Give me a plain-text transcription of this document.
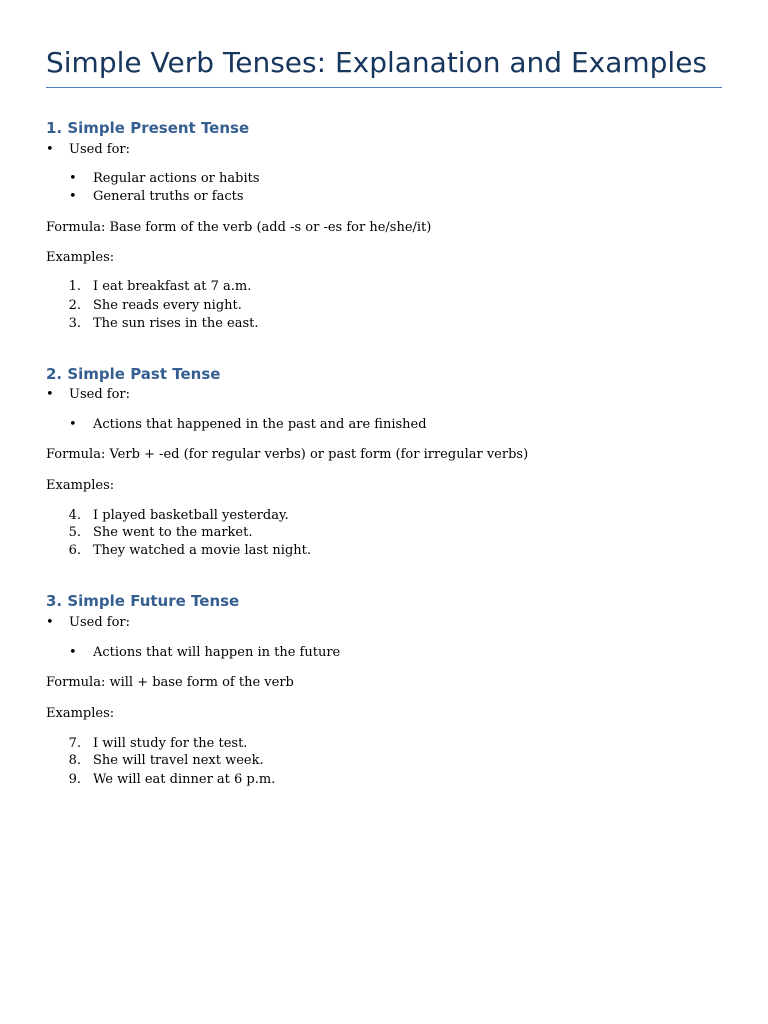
Simple Verb Tenses: Explanation and Examples
1. Simple Present Tense
• Used for:
• Regular actions or habits
• General truths or facts
Formula: Base form of the verb (add -s or -es for he/she/it)
Examples:
1. I eat breakfast at 7 a.m.
2. She reads every night.
3. The sun rises in the east.
2. Simple Past Tense
• Used for:
• Actions that happened in the past and are finished
Formula: Verb + -ed (for regular verbs) or past form (for irregular verbs)
Examples:
4. I played basketball yesterday.
5. She went to the market.
6. They watched a movie last night.
3. Simple Future Tense
• Used for:
• Actions that will happen in the future
Formula: will + base form of the verb
Examples:
7. I will study for the test.
8. She will travel next week.
9. We will eat dinner at 6 p.m.
